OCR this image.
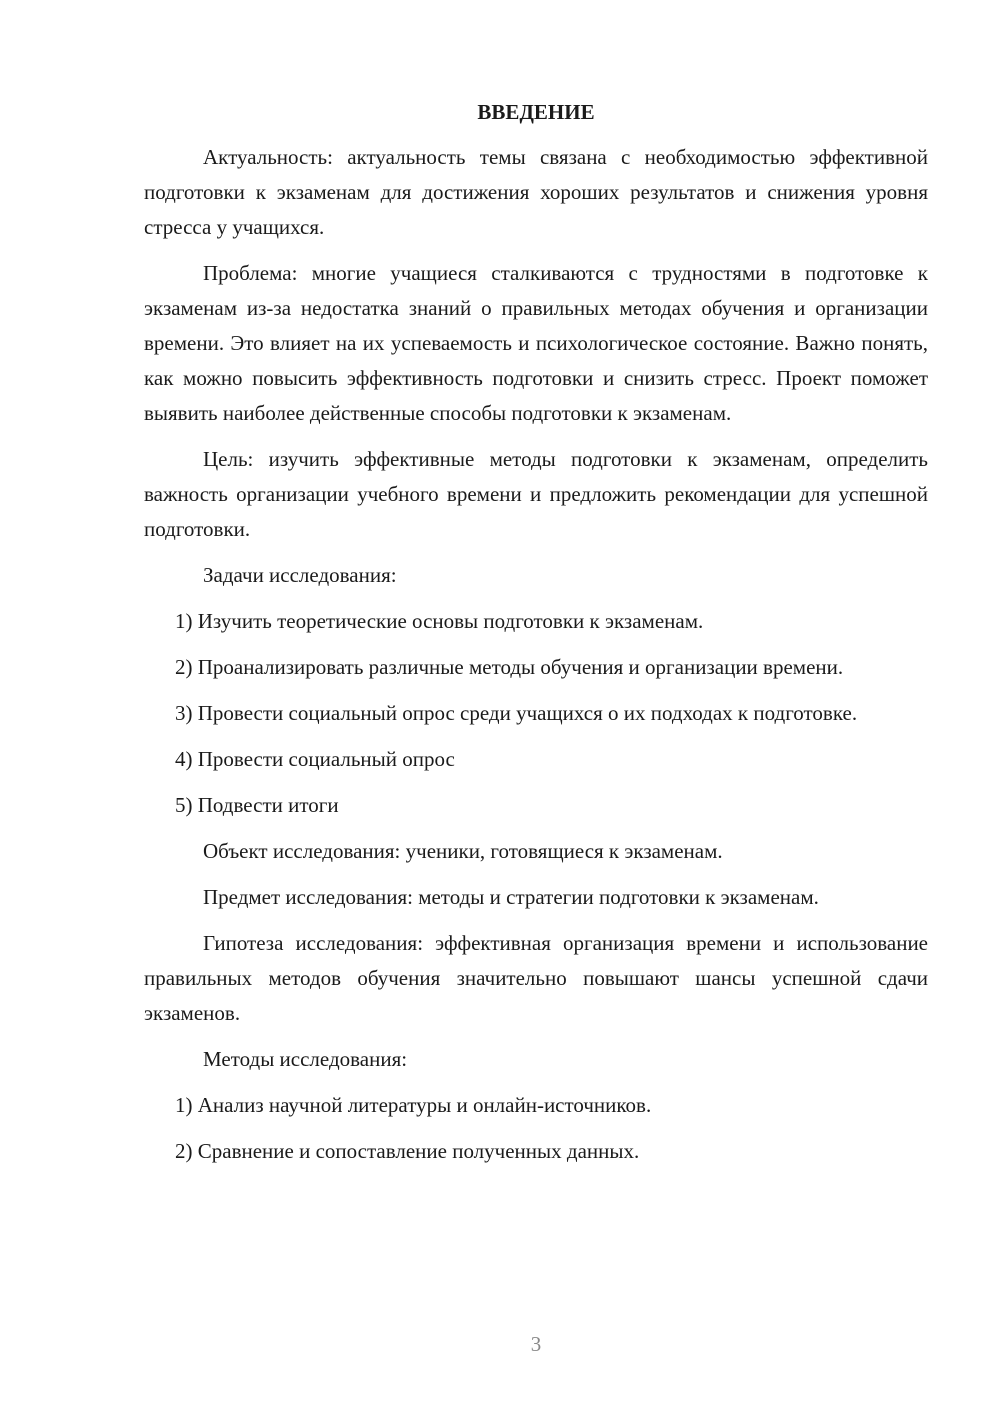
ВВЕДЕНИЕ

Актуальность: актуальность темы связана с необходимостью эффективной подготовки к экзаменам для достижения хороших результатов и снижения уровня стресса у учащихся.

Проблема: многие учащиеся сталкиваются с трудностями в подготовке к экзаменам из-за недостатка знаний о правильных методах обучения и организации времени. Это влияет на их успеваемость и психологическое состояние. Важно понять, как можно повысить эффективность подготовки и снизить стресс. Проект поможет выявить наиболее действенные способы подготовки к экзаменам.

Цель: изучить эффективные методы подготовки к экзаменам, определить важность организации учебного времени и предложить рекомендации для успешной подготовки.

Задачи исследования:

1) Изучить теоретические основы подготовки к экзаменам.

2) Проанализировать различные методы обучения и организации времени.

3) Провести социальный опрос среди учащихся о их подходах к подготовке.

4) Провести социальный опрос

5) Подвести итоги

Объект исследования: ученики, готовящиеся к экзаменам.

Предмет исследования: методы и стратегии подготовки к экзаменам.

Гипотеза исследования: эффективная организация времени и использование правильных методов обучения значительно повышают шансы успешной сдачи экзаменов.

Методы исследования:

1) Анализ научной литературы и онлайн-источников.

2) Сравнение и сопоставление полученных данных.

3
